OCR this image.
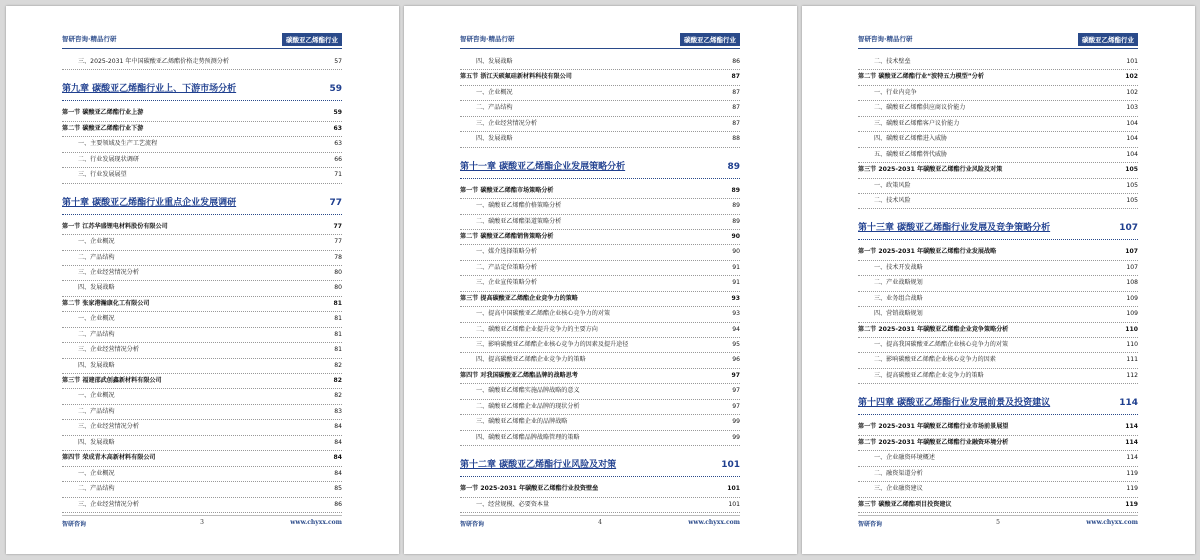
智研咨询·精品行研	碳酸亚乙烯酯行业
三、2025-2031 年中国碳酸亚乙烯酯价格走势预测分析	57
第九章 碳酸亚乙烯酯行业上、下游市场分析	59
第一节 碳酸亚乙烯酯行业上游	59
第二节 碳酸亚乙烯酯行业下游	63
一、主要领域及生产工艺流程	63
二、行业发展现状调研	66
三、行业发展展望	71
第十章 碳酸亚乙烯酯行业重点企业发展调研	77
第一节 江苏华盛锂电材料股份有限公司	77
一、企业概况	77
二、产品结构	78
三、企业经营情况分析	80
四、发展战略	80
第二节 张家港瀚康化工有限公司	81
一、企业概况	81
二、产品结构	81
三、企业经营情况分析	81
四、发展战略	82
第三节 福建邵武创鑫新材料有限公司	82
一、企业概况	82
二、产品结构	83
三、企业经营情况分析	84
四、发展战略	84
第四节 荣成青木高新材料有限公司	84
一、企业概况	84
二、产品结构	85
三、企业经营情况分析	86
智研咨询	3	www.chyxx.com
智研咨询·精品行研	碳酸亚乙烯酯行业
四、发展战略	86
第五节 浙江天硕氟硅新材料科技有限公司	87
一、企业概况	87
二、产品结构	87
三、企业经营情况分析	87
四、发展战略	88
第十一章 碳酸亚乙烯酯企业发展策略分析	89
第一节 碳酸亚乙烯酯市场策略分析	89
一、碳酸亚乙烯酯价格策略分析	89
二、碳酸亚乙烯酯渠道策略分析	89
第二节 碳酸亚乙烯酯销售策略分析	90
一、媒介选择策略分析	90
二、产品定位策略分析	91
三、企业宣传策略分析	91
第三节 提高碳酸亚乙烯酯企业竞争力的策略	93
一、提高中国碳酸亚乙烯酯企业核心竞争力的对策	93
二、碳酸亚乙烯酯企业提升竞争力的主要方向	94
三、影响碳酸亚乙烯酯企业核心竞争力的因素及提升途径	95
四、提高碳酸亚乙烯酯企业竞争力的策略	96
第四节 对我国碳酸亚乙烯酯品牌的战略思考	97
一、碳酸亚乙烯酯实施品牌战略的意义	97
二、碳酸亚乙烯酯企业品牌的现状分析	97
三、碳酸亚乙烯酯企业的品牌战略	99
四、碳酸亚乙烯酯品牌战略管理的策略	99
第十二章 碳酸亚乙烯酯行业风险及对策	101
第一节 2025-2031 年碳酸亚乙烯酯行业投资壁垒	101
一、经营规模、必要资本量	101
智研咨询	4	www.chyxx.com
智研咨询·精品行研	碳酸亚乙烯酯行业
二、技术壁垒	101
第二节 碳酸亚乙烯酯行业“波特五力模型”分析	102
一、行业内竞争	102
二、碳酸亚乙烯酯供应商议价能力	103
三、碳酸亚乙烯酯客户议价能力	104
四、碳酸亚乙烯酯进入威胁	104
五、碳酸亚乙烯酯替代威胁	104
第三节 2025-2031 年碳酸亚乙烯酯行业风险及对策	105
一、政策风险	105
二、技术风险	105
第十三章 碳酸亚乙烯酯行业发展及竞争策略分析	107
第一节 2025-2031 年碳酸亚乙烯酯行业发展战略	107
一、技术开发战略	107
二、产业战略规划	108
三、业务组合战略	109
四、营销战略规划	109
第二节 2025-2031 年碳酸亚乙烯酯企业竞争策略分析	110
一、提高我国碳酸亚乙烯酯企业核心竞争力的对策	110
二、影响碳酸亚乙烯酯企业核心竞争力的因素	111
三、提高碳酸亚乙烯酯企业竞争力的策略	112
第十四章 碳酸亚乙烯酯行业发展前景及投资建议	114
第一节 2025-2031 年碳酸亚乙烯酯行业市场前景展望	114
第二节 2025-2031 年碳酸亚乙烯酯行业融资环境分析	114
一、企业融资环境概述	114
二、融资渠道分析	119
三、企业融资建议	119
第三节 碳酸亚乙烯酯项目投资建议	119
智研咨询	5	www.chyxx.com
